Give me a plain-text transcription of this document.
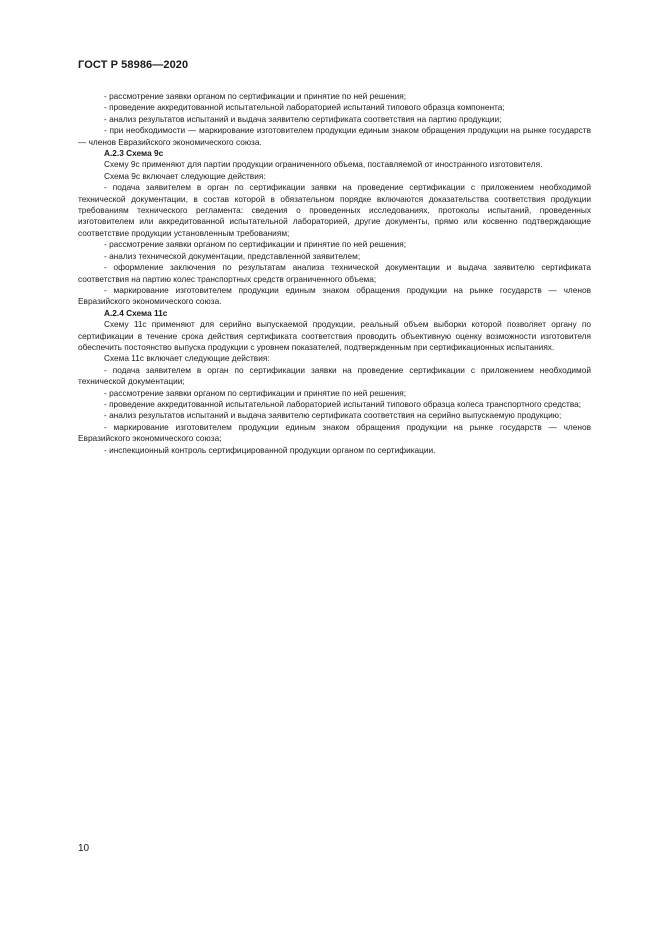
ГОСТ Р 58986—2020

- рассмотрение заявки органом по сертификации и принятие по ней решения;

- проведение аккредитованной испытательной лабораторией испытаний типового образца компонента;

- анализ результатов испытаний и выдача заявителю сертификата соответствия на партию продукции;

- при необходимости — маркирование изготовителем продукции единым знаком обращения продукции на рынке государств — членов Евразийского экономического союза.

А.2.3 Схема 9с

Схему 9с применяют для партии продукции ограниченного объема, поставляемой от иностранного изготовителя.

Схема 9с включает следующие действия:

- подача заявителем в орган по сертификации заявки на проведение сертификации с приложением необходимой технической документации, в состав которой в обязательном порядке включаются доказательства соответствия продукции требованиям технического регламента: сведения о проведенных исследованиях, протоколы испытаний, проведенных изготовителем или аккредитованной испытательной лабораторией, другие документы, прямо или косвенно подтверждающие соответствие продукции установленным требованиям;

- рассмотрение заявки органом по сертификации и принятие по ней решения;

- анализ технической документации, представленной заявителем;

- оформление заключения по результатам анализа технической документации и выдача заявителю сертификата соответствия на партию колес транспортных средств ограниченного объема;

- маркирование изготовителем продукции единым знаком обращения продукции на рынке государств — членов Евразийского экономического союза.

А.2.4 Схема 11с

Схему 11с применяют для серийно выпускаемой продукции, реальный объем выборки которой позволяет органу по сертификации в течение срока действия сертификата соответствия проводить объективную оценку возможности изготовителя обеспечить постоянство выпуска продукции с уровнем показателей, подтвержденным при сертификационных испытаниях.

Схема 11с включает следующие действия:

- подача заявителем в орган по сертификации заявки на проведение сертификации с приложением необходимой технической документации;

- рассмотрение заявки органом по сертификации и принятие по ней решения;

- проведение аккредитованной испытательной лабораторией испытаний типового образца колеса транспортного средства;

- анализ результатов испытаний и выдача заявителю сертификата соответствия на серийно выпускаемую продукцию;

- маркирование изготовителем продукции единым знаком обращения продукции на рынке государств — членов Евразийского экономического союза;

- инспекционный контроль сертифицированной продукции органом по сертификации.

10
